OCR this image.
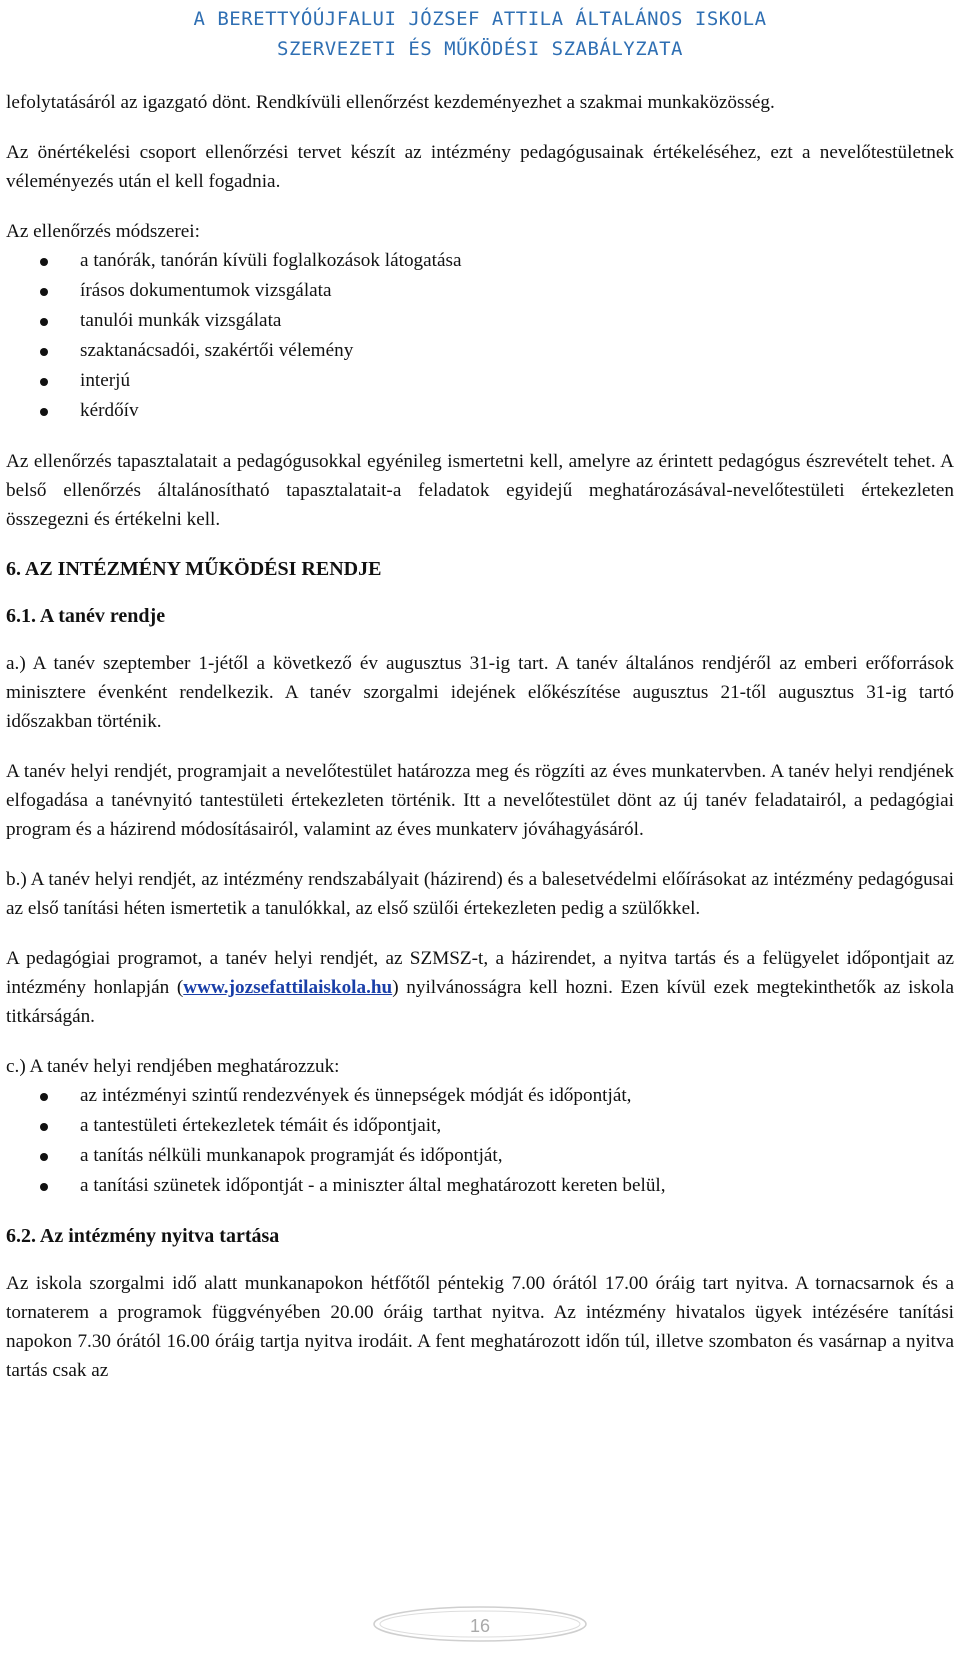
A BERETTYÓÚJFALUI JÓZSEF ATTILA ÁLTALÁNOS ISKOLA
SZERVEZETI ÉS MŰKÖDÉSI SZABÁLYZATA

lefolytatásáról az igazgató dönt. Rendkívüli ellenőrzést kezdeményezhet a szakmai munkaközösség.

Az önértékelési csoport ellenőrzési tervet készít az intézmény pedagógusainak értékeléséhez, ezt a nevelőtestületnek véleményezés után el kell fogadnia.

Az ellenőrzés módszerei:

a tanórák, tanórán kívüli foglalkozások látogatása
írásos dokumentumok vizsgálata
tanulói munkák vizsgálata
szaktanácsadói, szakértői vélemény
interjú
kérdőív

Az ellenőrzés tapasztalatait a pedagógusokkal egyénileg ismertetni kell, amelyre az érintett pedagógus észrevételt tehet. A belső ellenőrzés általánosítható tapasztalatait-a feladatok egyidejű meghatározásával-nevelőtestületi értekezleten összegezni és értékelni kell.

6. AZ INTÉZMÉNY MŰKÖDÉSI RENDJE
6.1. A tanév rendje

a.) A tanév szeptember 1-jétől a következő év augusztus 31-ig tart. A tanév általános rendjéről az emberi erőforrások minisztere évenként rendelkezik. A tanév szorgalmi idejének előkészítése augusztus 21-től augusztus 31-ig tartó időszakban történik.

A tanév helyi rendjét, programjait a nevelőtestület határozza meg és rögzíti az éves munkatervben. A tanév helyi rendjének elfogadása a tanévnyitó tantestületi értekezleten történik. Itt a nevelőtestület dönt az új tanév feladatairól, a pedagógiai program és a házirend módosításairól, valamint az éves munkaterv jóváhagyásáról.

b.) A tanév helyi rendjét, az intézmény rendszabályait (házirend) és a balesetvédelmi előírásokat az intézmény pedagógusai az első tanítási héten ismertetik a tanulókkal, az első szülői értekezleten pedig a szülőkkel.

A pedagógiai programot, a tanév helyi rendjét, az SZMSZ-t, a házirendet, a nyitva tartás és a felügyelet időpontjait az intézmény honlapján (www.jozsefattilaiskola.hu) nyilvánosságra kell hozni. Ezen kívül ezek megtekinthetők az iskola titkárságán.

c.) A tanév helyi rendjében meghatározzuk:

az intézményi szintű rendezvények és ünnepségek módját és időpontját,
a tantestületi értekezletek témáit és időpontjait,
a tanítás nélküli munkanapok programját és időpontját,
a tanítási szünetek időpontját - a miniszter által meghatározott kereten belül,
6.2. Az intézmény nyitva tartása

Az iskola szorgalmi idő alatt munkanapokon hétfőtől péntekig 7.00 órától 17.00 óráig tart nyitva. A tornacsarnok és a tornaterem a programok függvényében 20.00 óráig tarthat nyitva. Az intézmény hivatalos ügyek intézésére tanítási napokon 7.30 órától 16.00 óráig tartja nyitva irodáit. A fent meghatározott időn túl, illetve szombaton és vasárnap a nyitva tartás csak az

16
